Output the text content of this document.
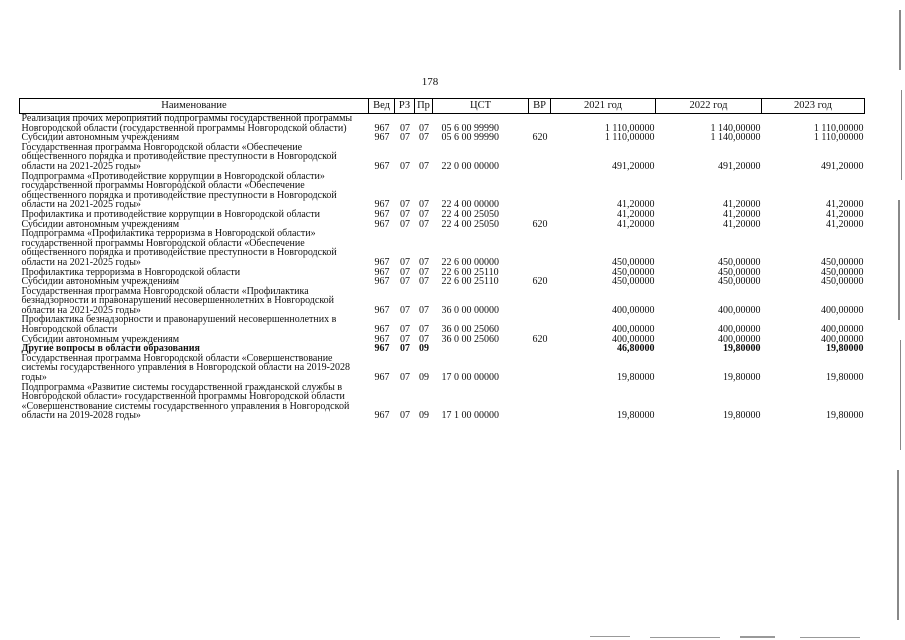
178
Наименование	Вед	РЗ	Пр	ЦСТ	ВР	2021 год	2022 год	2023 год
Реализация прочих мероприятий подпрограммы государственной программы Новгородской области (государственной программы Новгородской области)	967	07	07	05 6 00 99990		1 110,00000	1 140,00000	1 110,00000
Субсидии автономным учреждениям	967	07	07	05 6 00 99990	620	1 110,00000	1 140,00000	1 110,00000
Государственная программа Новгородской области «Обеспечение общественного порядка и противодействие преступности в Новгородской области на 2021-2025 годы»	967	07	07	22 0 00 00000		491,20000	491,20000	491,20000
Подпрограмма «Противодействие коррупции в Новгородской области» государственной программы Новгородской области «Обеспечение общественного порядка и противодействие преступности в Новгородской области на 2021-2025 годы»	967	07	07	22 4 00 00000		41,20000	41,20000	41,20000
Профилактика и противодействие коррупции в Новгородской области	967	07	07	22 4 00 25050		41,20000	41,20000	41,20000
Субсидии автономным учреждениям	967	07	07	22 4 00 25050	620	41,20000	41,20000	41,20000
Подпрограмма «Профилактика терроризма в Новгородской области» государственной программы Новгородской области «Обеспечение общественного порядка и противодействие преступности в Новгородской области на 2021-2025 годы»	967	07	07	22 6 00 00000		450,00000	450,00000	450,00000
Профилактика терроризма в Новгородской области	967	07	07	22 6 00 25110		450,00000	450,00000	450,00000
Субсидии автономным учреждениям	967	07	07	22 6 00 25110	620	450,00000	450,00000	450,00000
Государственная программа Новгородской области «Профилактика безнадзорности и правонарушений несовершеннолетних в Новгородской области на 2021-2025 годы»	967	07	07	36 0 00 00000		400,00000	400,00000	400,00000
Профилактика безнадзорности и правонарушений несовершеннолетних в Новгородской области	967	07	07	36 0 00 25060		400,00000	400,00000	400,00000
Субсидии автономным учреждениям	967	07	07	36 0 00 25060	620	400,00000	400,00000	400,00000
Другие вопросы в области образования	967	07	09			46,80000	19,80000	19,80000
Государственная программа Новгородской области «Совершенствование системы государственного управления в Новгородской области на 2019-2028 годы»	967	07	09	17 0 00 00000		19,80000	19,80000	19,80000
Подпрограмма «Развитие системы государственной гражданской службы в Новгородской области» государственной программы Новгородской области «Совершенствование системы государственного управления в Новгородской области на 2019-2028 годы»	967	07	09	17 1 00 00000		19,80000	19,80000	19,80000
